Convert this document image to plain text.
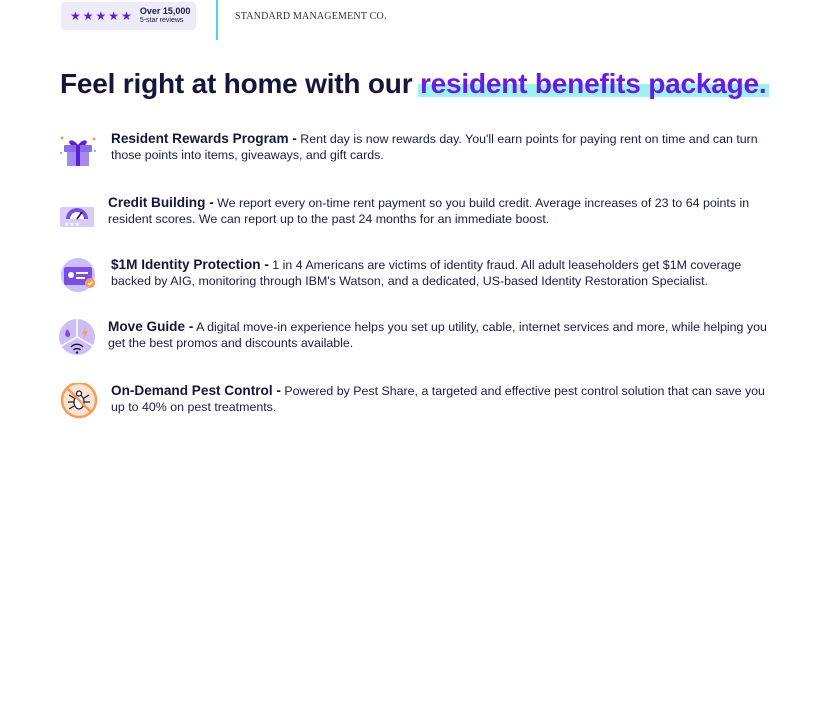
★ ★ ★ ★ ★ Over 15,000
5-star reviews	STANDARD MANAGEMENT CO.
Feel right at home with our resident benefits package.
Resident Rewards Program - Rent day is now rewards day. You'll earn points for paying rent on time and can turn those points into items, giveaways, and gift cards.
★★★
Credit Building - We report every on-time rent payment so you build credit. Average increases of 23 to 64 points in resident scores. We can report up to the past 24 months for an immediate boost.
$1M Identity Protection - 1 in 4 Americans are victims of identity fraud. All adult leaseholders get $1M coverage backed by AIG, monitoring through IBM's Watson, and a dedicated, US-based Identity Restoration Specialist.
Move Guide - A digital move-in experience helps you set up utility, cable, internet services and more, while helping you get the best promos and discounts available.
On-Demand Pest Control - Powered by Pest Share, a targeted and effective pest control solution that can save you up to 40% on pest treatments.
